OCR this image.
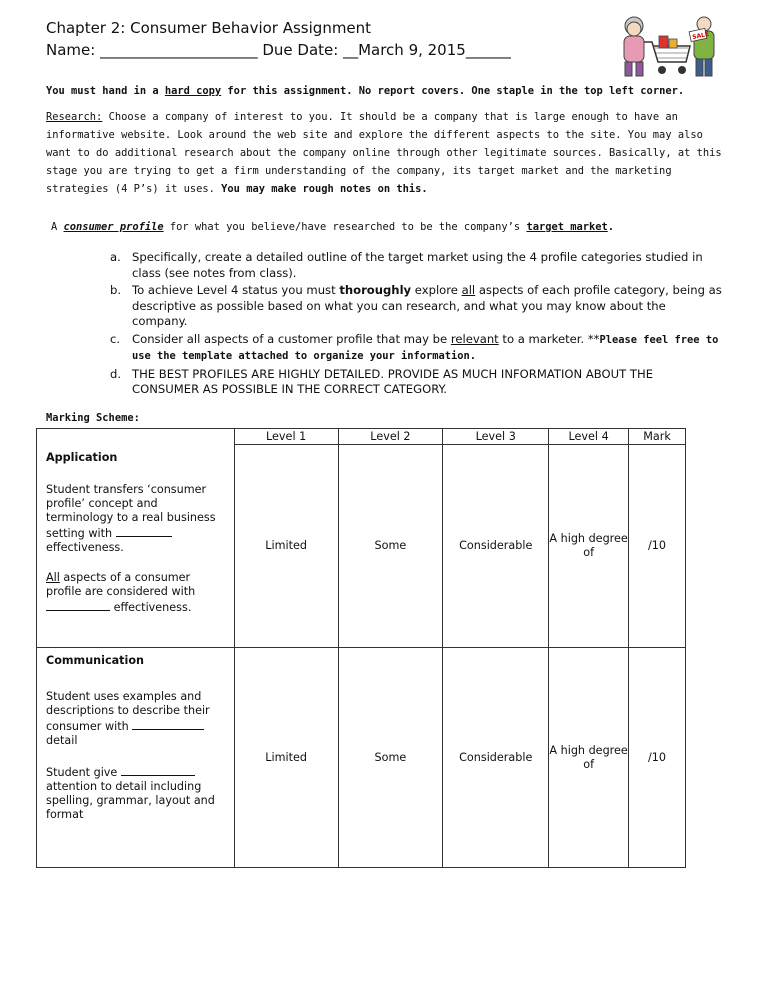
Chapter 2: Consumer Behavior Assignment
Name: _____________________ Due Date: __March 9, 2015______
SALE
You must hand in a hard copy for this assignment. No report covers. One staple in the top left corner.
Research: Choose a company of interest to you. It should be a company that is large enough to have an informative website. Look around the web site and explore the different aspects to the site. You may also want to do additional research about the company online through other legitimate sources. Basically, at this stage you are trying to get a firm understanding of the company, its target market and the marketing strategies (4 P’s) it uses. You may make rough notes on this.
A consumer profile for what you believe/have researched to be the company’s target market.
a. Specifically, create a detailed outline of the target market using the 4 profile categories studied in class (see notes from class).
b. To achieve Level 4 status you must thoroughly explore all aspects of each profile category, being as descriptive as possible based on what you can research, and what you may know about the company.
c. Consider all aspects of a customer profile that may be relevant to a marketer. **Please feel free to use the template attached to organize your information.
d. THE BEST PROFILES ARE HIGHLY DETAILED. PROVIDE AS MUCH INFORMATION ABOUT THE CONSUMER AS POSSIBLE IN THE CORRECT CATEGORY.
Marking Scheme:
	Level 1	Level 2	Level 3	Level 4	Mark

Application
Student transfers ‘consumer profile’ concept and terminology to a real business setting with  effectiveness.
All aspects of a consumer profile are considered with  effectiveness.	Limited	Some	Considerable	A high degree of	/10

Communication
Student uses examples and descriptions to describe their consumer with  detail
Student give  attention to detail including spelling, grammar, layout and format	Limited	Some	Considerable	A high degree of	/10
